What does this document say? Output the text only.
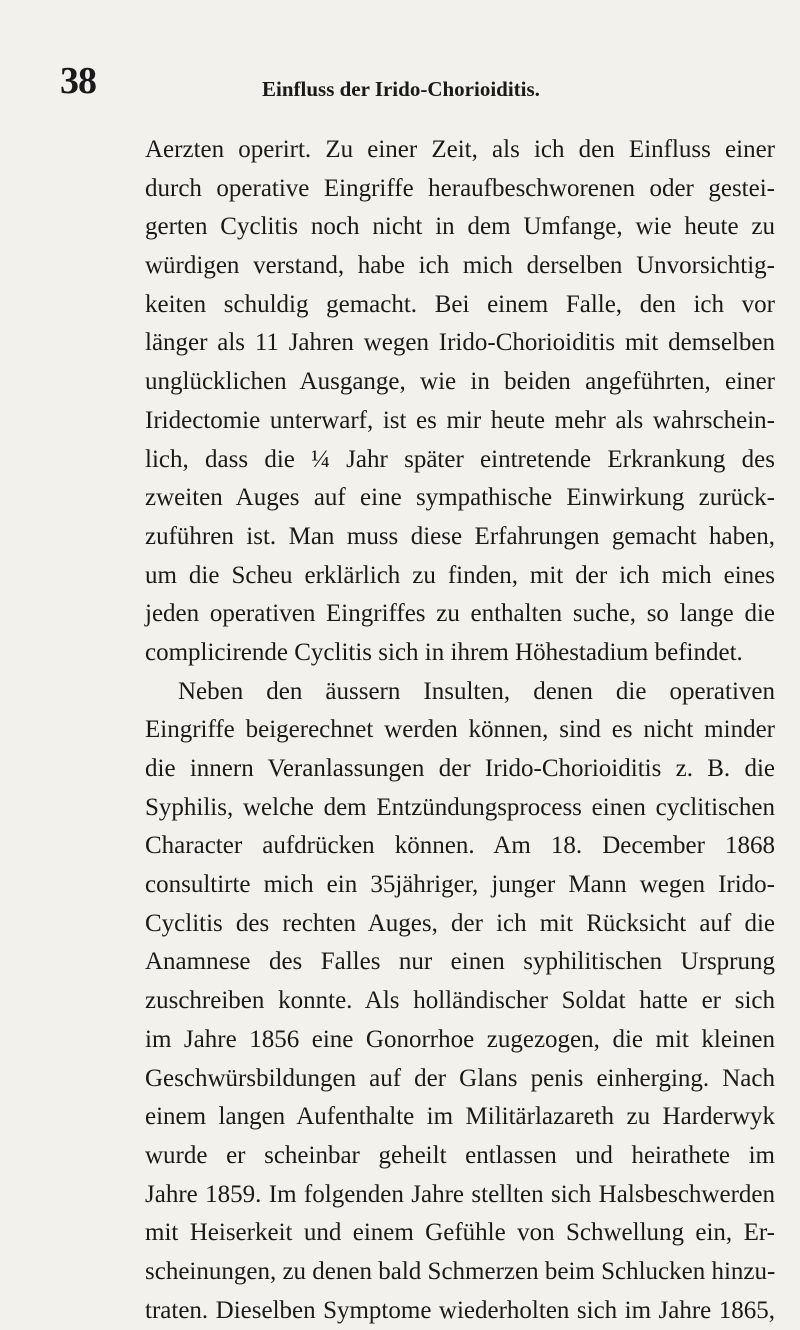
38	Einfluss der Irido-Chorioiditis.
Aerzten operirt. Zu einer Zeit, als ich den Einfluss einer
durch operative Eingriffe heraufbeschworenen oder gestei-
gerten Cyclitis noch nicht in dem Umfange, wie heute zu
würdigen verstand, habe ich mich derselben Unvorsichtig-
keiten schuldig gemacht. Bei einem Falle, den ich vor
länger als 11 Jahren wegen Irido-Chorioiditis mit demselben
unglücklichen Ausgange, wie in beiden angeführten, einer
Iridectomie unterwarf, ist es mir heute mehr als wahrschein-
lich, dass die ¼ Jahr später eintretende Erkrankung des
zweiten Auges auf eine sympathische Einwirkung zurück-
zuführen ist. Man muss diese Erfahrungen gemacht haben,
um die Scheu erklärlich zu finden, mit der ich mich eines
jeden operativen Eingriffes zu enthalten suche, so lange die
complicirende Cyclitis sich in ihrem Höhestadium befindet.
Neben den äussern Insulten, denen die operativen
Eingriffe beigerechnet werden können, sind es nicht minder
die innern Veranlassungen der Irido-Chorioiditis z. B. die
Syphilis, welche dem Entzündungsprocess einen cyclitischen
Character aufdrücken können. Am 18. December 1868
consultirte mich ein 35jähriger, junger Mann wegen Irido-
Cyclitis des rechten Auges, der ich mit Rücksicht auf die
Anamnese des Falles nur einen syphilitischen Ursprung
zuschreiben konnte. Als holländischer Soldat hatte er sich
im Jahre 1856 eine Gonorrhoe zugezogen, die mit kleinen
Geschwürsbildungen auf der Glans penis einherging. Nach
einem langen Aufenthalte im Militärlazareth zu Harderwyk
wurde er scheinbar geheilt entlassen und heirathete im
Jahre 1859. Im folgenden Jahre stellten sich Halsbeschwerden
mit Heiserkeit und einem Gefühle von Schwellung ein, Er-
scheinungen, zu denen bald Schmerzen beim Schlucken hinzu-
traten. Dieselben Symptome wiederholten sich im Jahre 1865,
